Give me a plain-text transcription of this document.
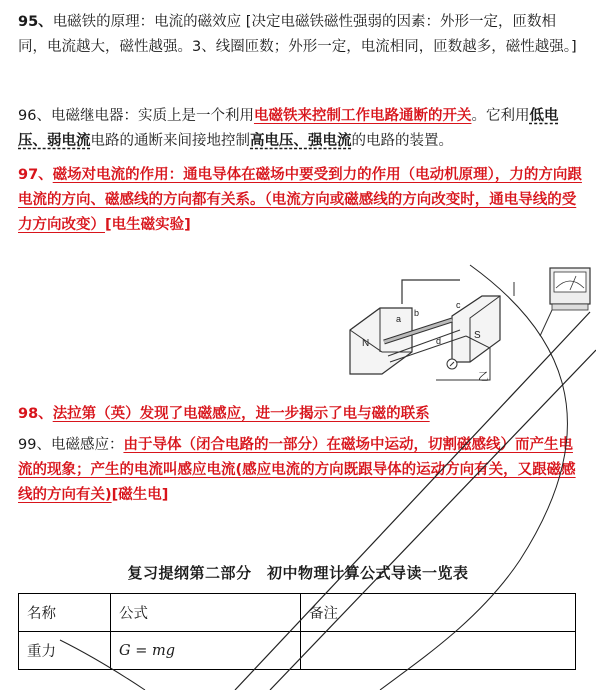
95、电磁铁的原理：电流的磁效应 [决定电磁铁磁性强弱的因素：外形一定，匝数相同，电流越大，磁性越强。3、线圈匝数；外形一定，电流相同，匝数越多，磁性越强。]
96、电磁继电器：实质上是一个利用电磁铁来控制工作电路通断的开关。它利用低电压、弱电流电路的通断来间接地控制高电压、强电流的电路的装置。
97、磁场对电流的作用：通电导体在磁场中要受到力的作用（电动机原理），力的方向跟电流的方向、磁感线的方向都有关系。（电流方向或磁感线的方向改变时，通电导线的受力方向改变）[电生磁实验]
N
S
a
b
c
d
乙
98、法拉第（英）发现了电磁感应，进一步揭示了电与磁的联系
99、电磁感应：由于导体（闭合电路的一部分）在磁场中运动，切割磁感线）而产生电流的现象；产生的电流叫感应电流(感应电流的方向既跟导体的运动方向有关，又跟磁感线的方向有关)[磁生电]
复习提纲第二部分　初中物理计算公式导读一览表
名称	公式	备注
重力	G = mg	
